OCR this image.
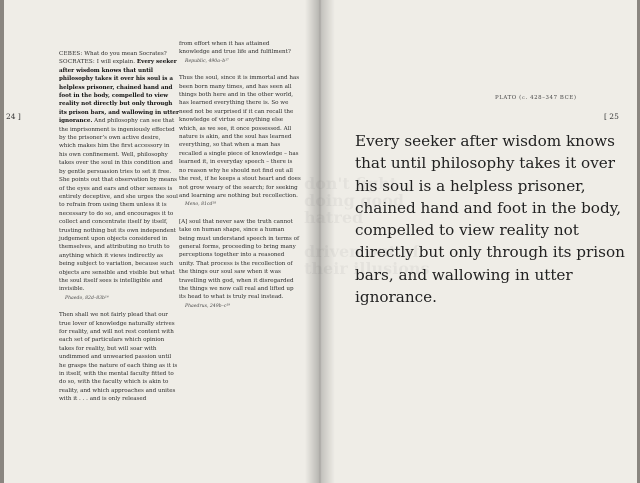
24 ]

CEBES: What do you mean Socrates?
SOCRATES: I will explain. Every seeker after wisdom knows that until philosophy takes it over his soul is a helpless prisoner, chained hand and foot in the body, compelled to view reality not directly but only through its prison bars, and wallowing in utter ignorance. And philosophy can see that the imprisonment is ingeniously effected by the prisoner’s own active desire, which makes him the first accessory in his own confinement. Well, philosophy takes over the soul in this condition and by gentle persuasion tries to set it free. She points out that observation by means of the eyes and ears and other senses is entirely deceptive, and she urges the soul to refrain from using them unless it is necessary to do so, and encourages it to collect and concentrate itself by itself, trusting nothing but its own independent judgement upon objects considered in themselves, and attributing no truth to anything which it views indirectly as being subject to variation, because such objects are sensible and visible but what the soul itself sees is intelligible and invisible.

Phaedo, 82d–83b¹⁶

Then shall we not fairly plead that our true lover of knowledge naturally strives for reality, and will not rest content with each set of particulars which opinion takes for reality, but will soar with undimmed and unwearied passion until he grasps the nature of each thing as it is in itself, with the mental faculty fitted to do so, with the faculty which is akin to reality, and which approaches and unites with it . . . and is only released

from effort when it has attained knowledge and true life and fulfilment?

Republic, 490a–b¹⁷

Thus the soul, since it is immortal and has been born many times, and has seen all things both here and in the other world, has learned everything there is. So we need not be surprised if it can recall the knowledge of virtue or anything else which, as we see, it once possessed. All nature is akin, and the soul has learned everything, so that when a man has recalled a single piece of knowledge – has learned it, in everyday speech – there is no reason why he should not find out all the rest, if he keeps a stout heart and does not grow weary of the search; for seeking and learning are nothing but recollection.

Meno, 81cd¹⁸

[A] soul that never saw the truth cannot take on human shape, since a human being must understand speech in terms of general forms, proceeding to bring many perceptions together into a reasoned unity. That process is the recollection of the things our soul saw when it was travelling with god, when it disregarded the things we now call real and lifted up its head to what is truly real instead.

Phaedrus, 249b–c¹⁹

PLATO (c. 428–347 BCE)
[ 25
Every seeker after wisdom knows that until philosophy takes it over his soul is a helpless prisoner, chained hand and foot in the body, compelled to view reality not directly but only through its prison bars, and wallowing in utter ignorance.
